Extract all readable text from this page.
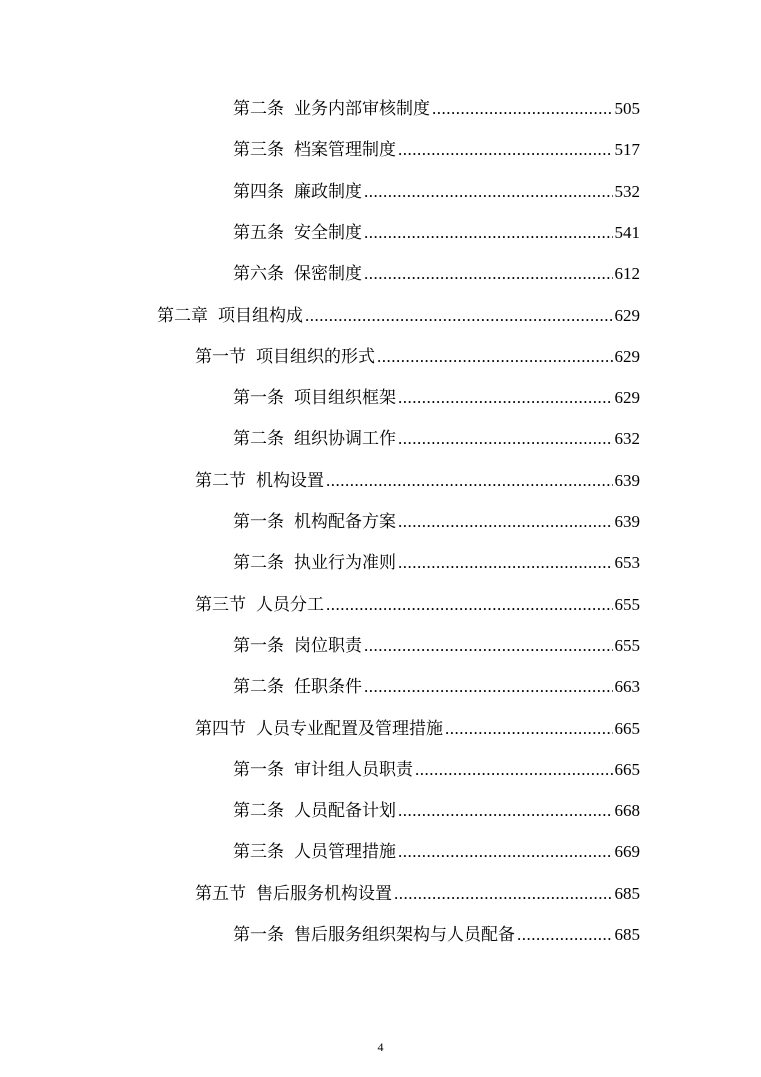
第二条 业务内部审核制度 .....	505
第三条 档案管理制度 .....	517
第四条 廉政制度 .....	532
第五条 安全制度 .....	541
第六条 保密制度 .....	612
第二章 项目组构成 .....	629
第一节 项目组织的形式 .....	629
第一条 项目组织框架 .....	629
第二条 组织协调工作 .....	632
第二节 机构设置 .....	639
第一条 机构配备方案 .....	639
第二条 执业行为准则 .....	653
第三节 人员分工 .....	655
第一条 岗位职责 .....	655
第二条 任职条件 .....	663
第四节 人员专业配置及管理措施 .....	665
第一条 审计组人员职责 .....	665
第二条 人员配备计划 .....	668
第三条 人员管理措施 .....	669
第五节 售后服务机构设置 .....	685
第一条 售后服务组织架构与人员配备 .....	685
4
